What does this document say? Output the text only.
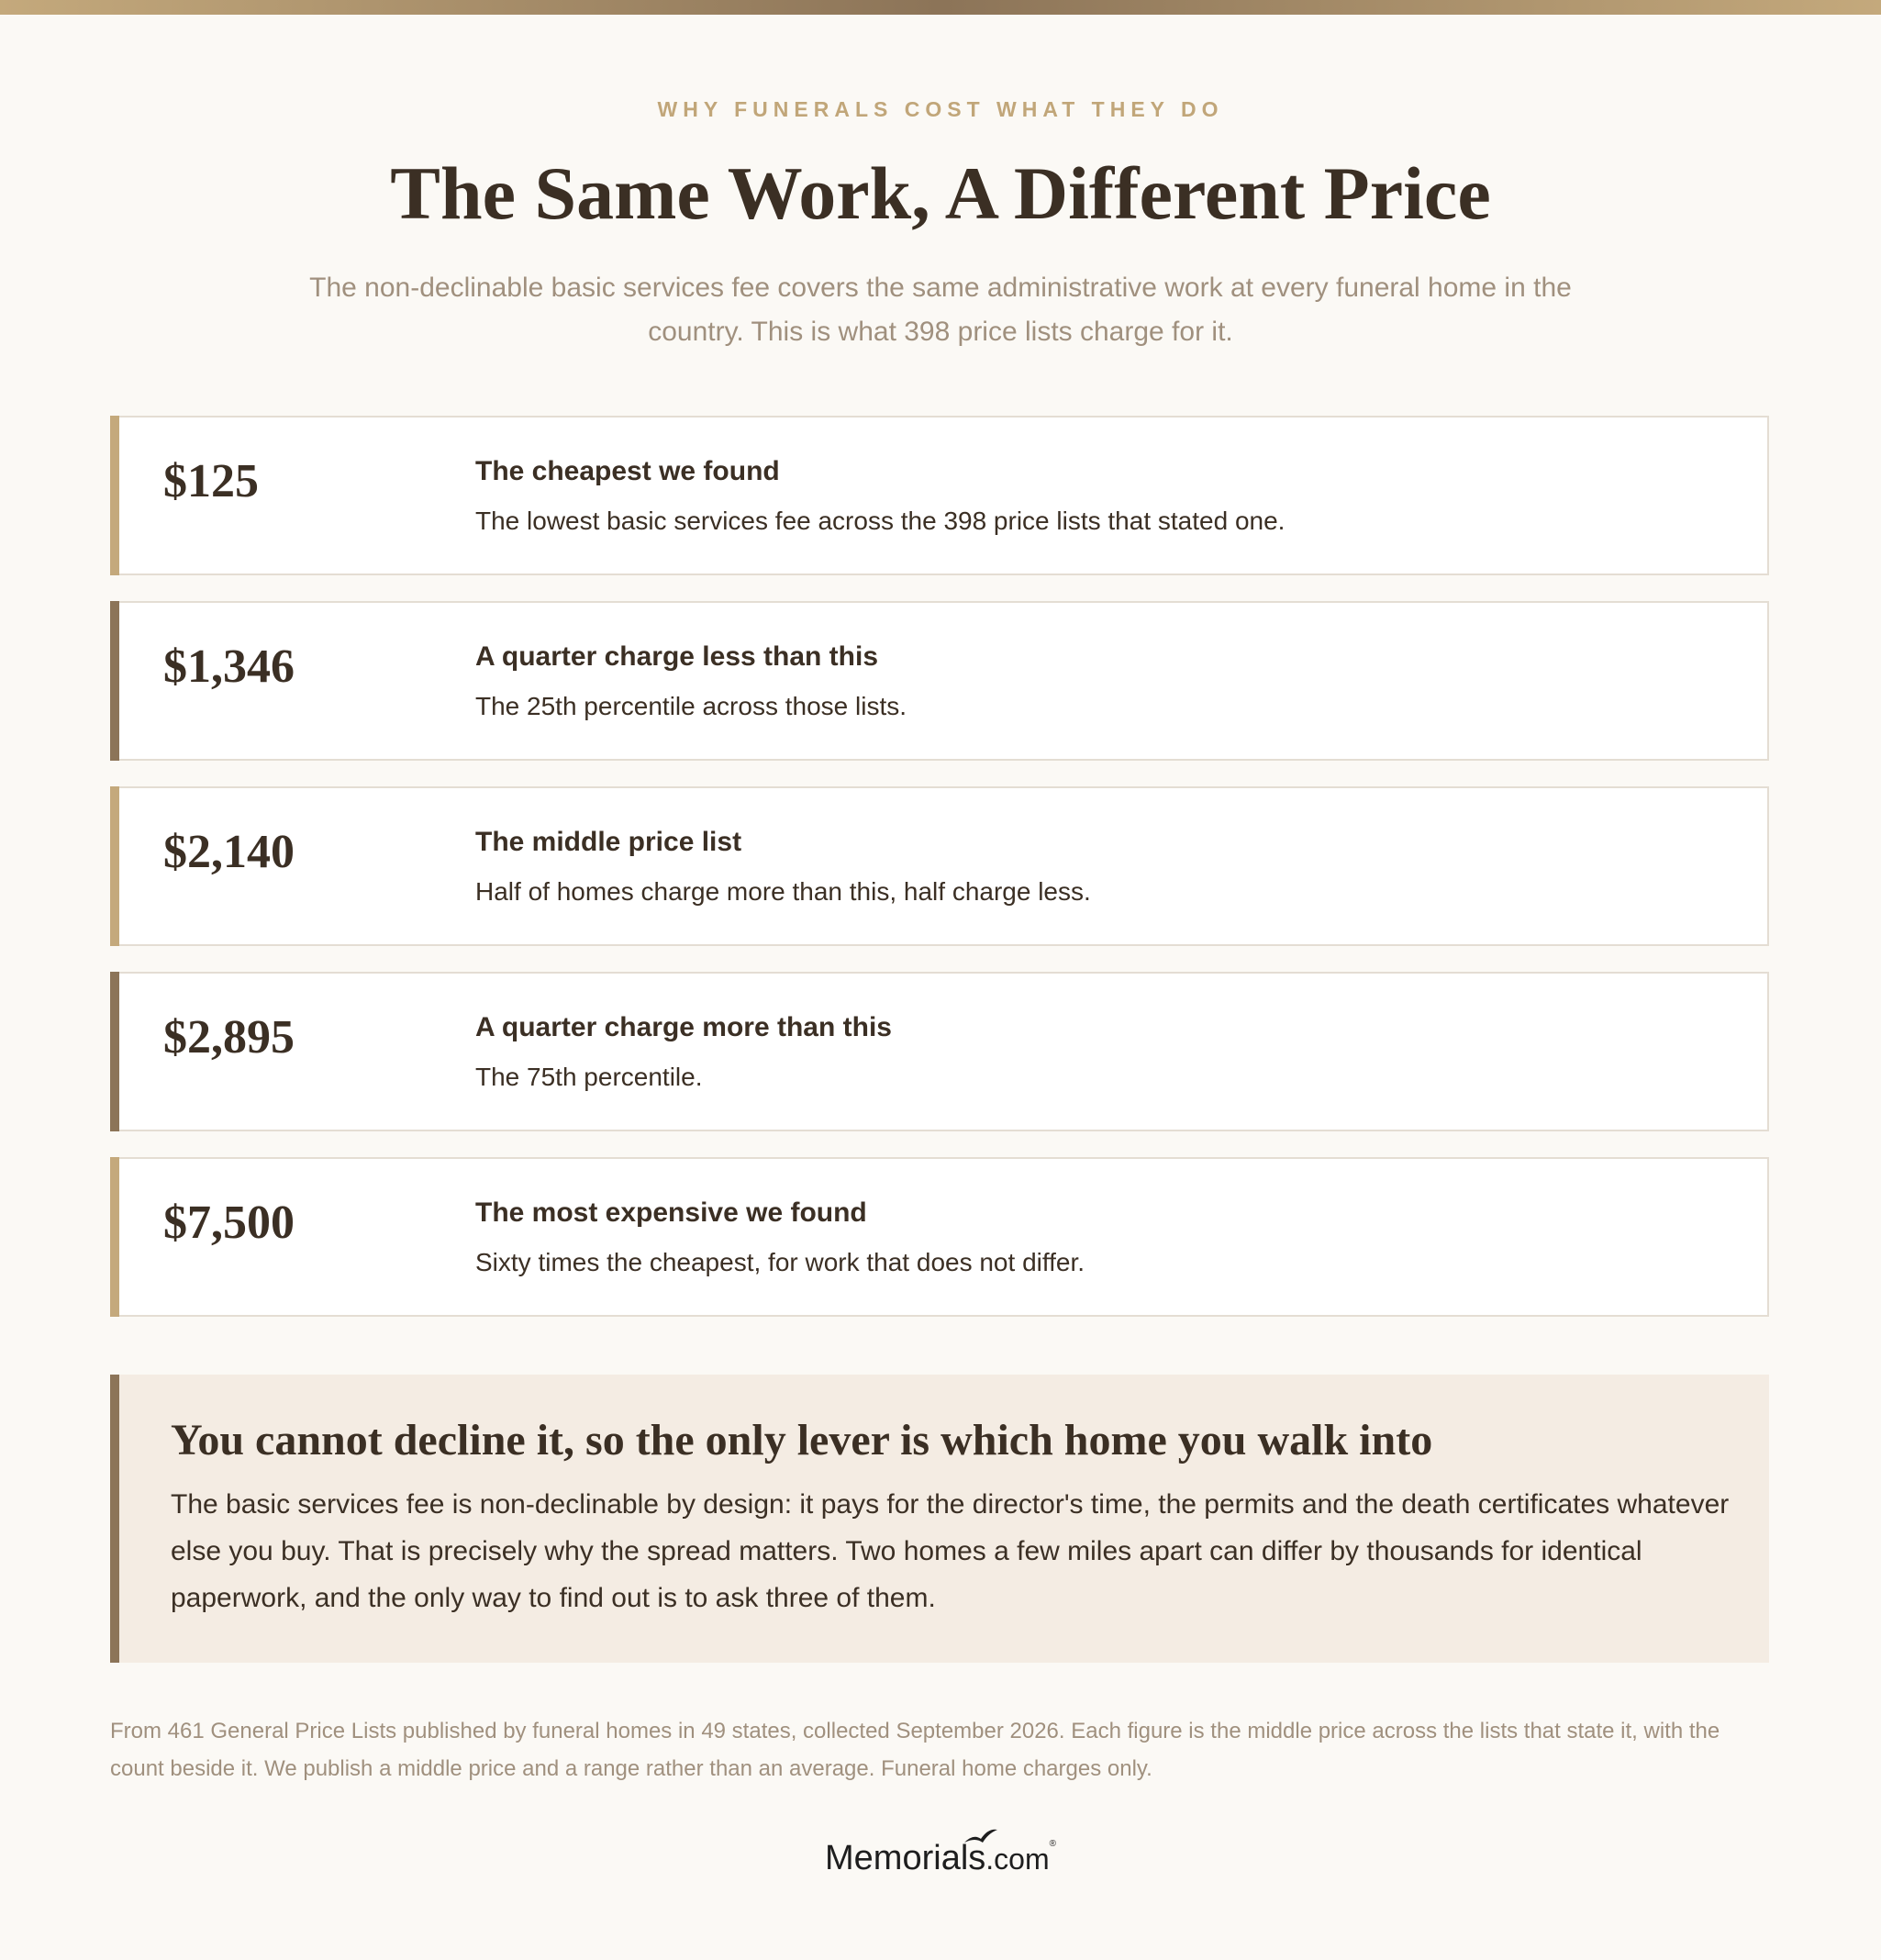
WHY FUNERALS COST WHAT THEY DO
The Same Work, A Different Price

The non-declinable basic services fee covers the same administrative work at every funeral home in the country. This is what 398 price lists charge for it.

$125	The cheapest we found
The lowest basic services fee across the 398 price lists that stated one.
$1,346	A quarter charge less than this
The 25th percentile across those lists.
$2,140	The middle price list
Half of homes charge more than this, half charge less.
$2,895	A quarter charge more than this
The 75th percentile.
$7,500	The most expensive we found
Sixty times the cheapest, for work that does not differ.
You cannot decline it, so the only lever is which home you walk into

The basic services fee is non-declinable by design: it pays for the director's time, the permits and the death certificates whatever else you buy. That is precisely why the spread matters. Two homes a few miles apart can differ by thousands for identical paperwork, and the only way to find out is to ask three of them.

From 461 General Price Lists published by funeral homes in 49 states, collected September 2026. Each figure is the middle price across the lists that state it, with the count beside it. We publish a middle price and a range rather than an average. Funeral home charges only.

Memorials.com®
